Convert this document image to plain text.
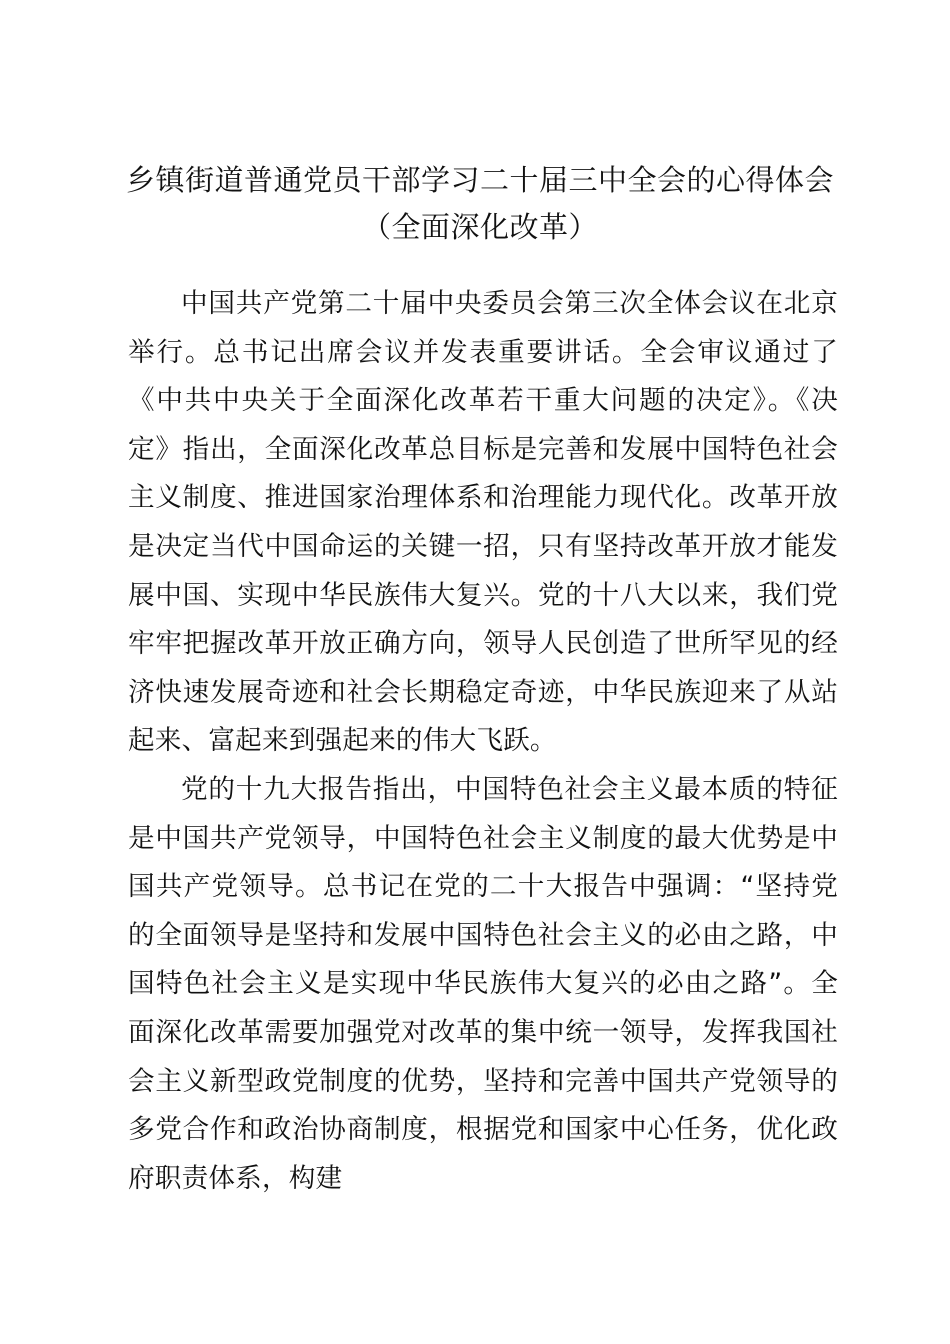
乡镇街道普通党员干部学习二十届三中全会的心得体会
（全面深化改革）

中国共产党第二十届中央委员会第三次全体会议在北京举行。总书记出席会议并发表重要讲话。全会审议通过了《中共中央关于全面深化改革若干重大问题的决定》。《决定》指出，全面深化改革总目标是完善和发展中国特色社会主义制度、推进国家治理体系和治理能力现代化。改革开放是决定当代中国命运的关键一招，只有坚持改革开放才能发展中国、实现中华民族伟大复兴。党的十八大以来，我们党牢牢把握改革开放正确方向，领导人民创造了世所罕见的经济快速发展奇迹和社会长期稳定奇迹，中华民族迎来了从站起来、富起来到强起来的伟大飞跃。

党的十九大报告指出，中国特色社会主义最本质的特征是中国共产党领导，中国特色社会主义制度的最大优势是中国共产党领导。总书记在党的二十大报告中强调：“坚持党的全面领导是坚持和发展中国特色社会主义的必由之路，中国特色社会主义是实现中华民族伟大复兴的必由之路”。全面深化改革需要加强党对改革的集中统一领导，发挥我国社会主义新型政党制度的优势，坚持和完善中国共产党领导的多党合作和政治协商制度，根据党和国家中心任务，优化政府职责体系，构建
